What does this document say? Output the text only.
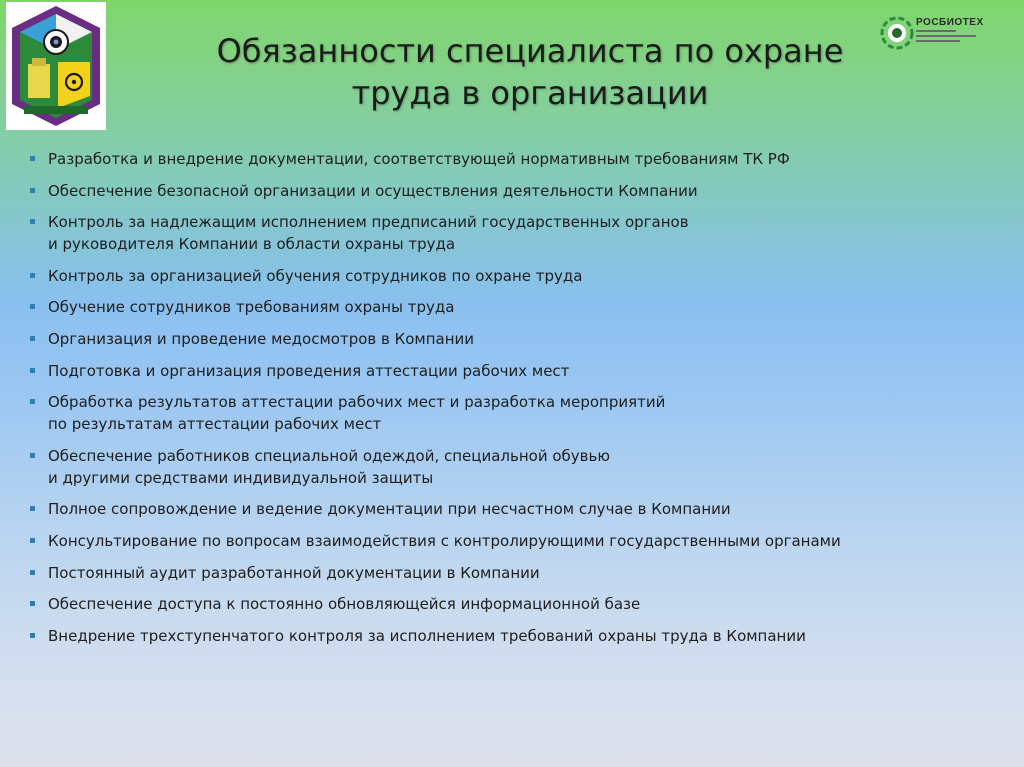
РОСБИОТЕХ
Обязанности специалиста по охране
труда в организации
Разработка и внедрение документации, соответствующей нормативным требованиям ТК РФ
Обеспечение безопасной организации и осуществления деятельности Компании
Контроль за надлежащим исполнением предписаний государственных органов
и руководителя Компании в области охраны труда
Контроль за организацией обучения сотрудников по охране труда
Обучение сотрудников требованиям охраны труда
Организация и проведение медосмотров в Компании
Подготовка и организация проведения аттестации рабочих мест
Обработка результатов аттестации рабочих мест и разработка мероприятий
по результатам аттестации рабочих мест
Обеспечение работников специальной одеждой, специальной обувью
и другими средствами индивидуальной защиты
Полное сопровождение и ведение документации при несчастном случае в Компании
Консультирование по вопросам взаимодействия с контролирующими государственными органами
Постоянный аудит разработанной документации в Компании
Обеспечение доступа к постоянно обновляющейся информационной базе
Внедрение трехступенчатого контроля за исполнением требований охраны труда в Компании
